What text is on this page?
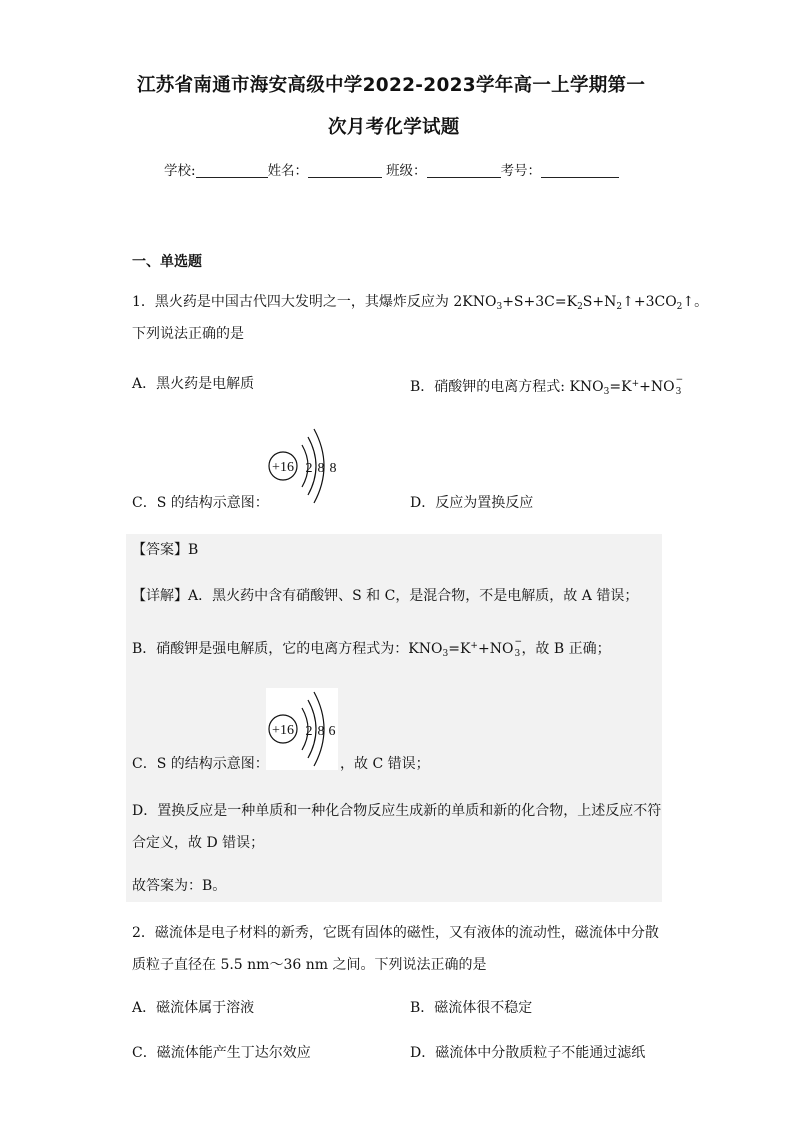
江苏省南通市海安高级中学2022-2023学年高一上学期第一
次月考化学试题
学校:	姓名：	班级：	考号：
一、单选题
1．黑火药是中国古代四大发明之一，其爆炸反应为 $2KNO_3+S+3C=K_2S+N_2↑+3CO_2↑$。
下列说法正确的是
A．黑火药是电解质	B．硝酸钾的电离方程式: $KNO_3=K^++NO$ −
3
+16 2 8 8
C．S 的结构示意图：	D．反应为置换反应
【答案】B
【详解】A．黑火药中含有硝酸钾、S 和 C，是混合物，不是电解质，故 A 错误；
B．硝酸钾是强电解质，它的电离方程式为：$KNO_3=K^++NO$ −
3 ，故 B 正确；
+16 2 8 6
C．S 的结构示意图：	，故 C 错误；
D．置换反应是一种单质和一种化合物反应生成新的单质和新的化合物，上述反应不符
合定义，故 D 错误；
故答案为：B。
2．磁流体是电子材料的新秀，它既有固体的磁性，又有液体的流动性，磁流体中分散
质粒子直径在 5.5 nm～36 nm 之间。下列说法正确的是
A．磁流体属于溶液	B．磁流体很不稳定
C．磁流体能产生丁达尔效应	D．磁流体中分散质粒子不能通过滤纸
